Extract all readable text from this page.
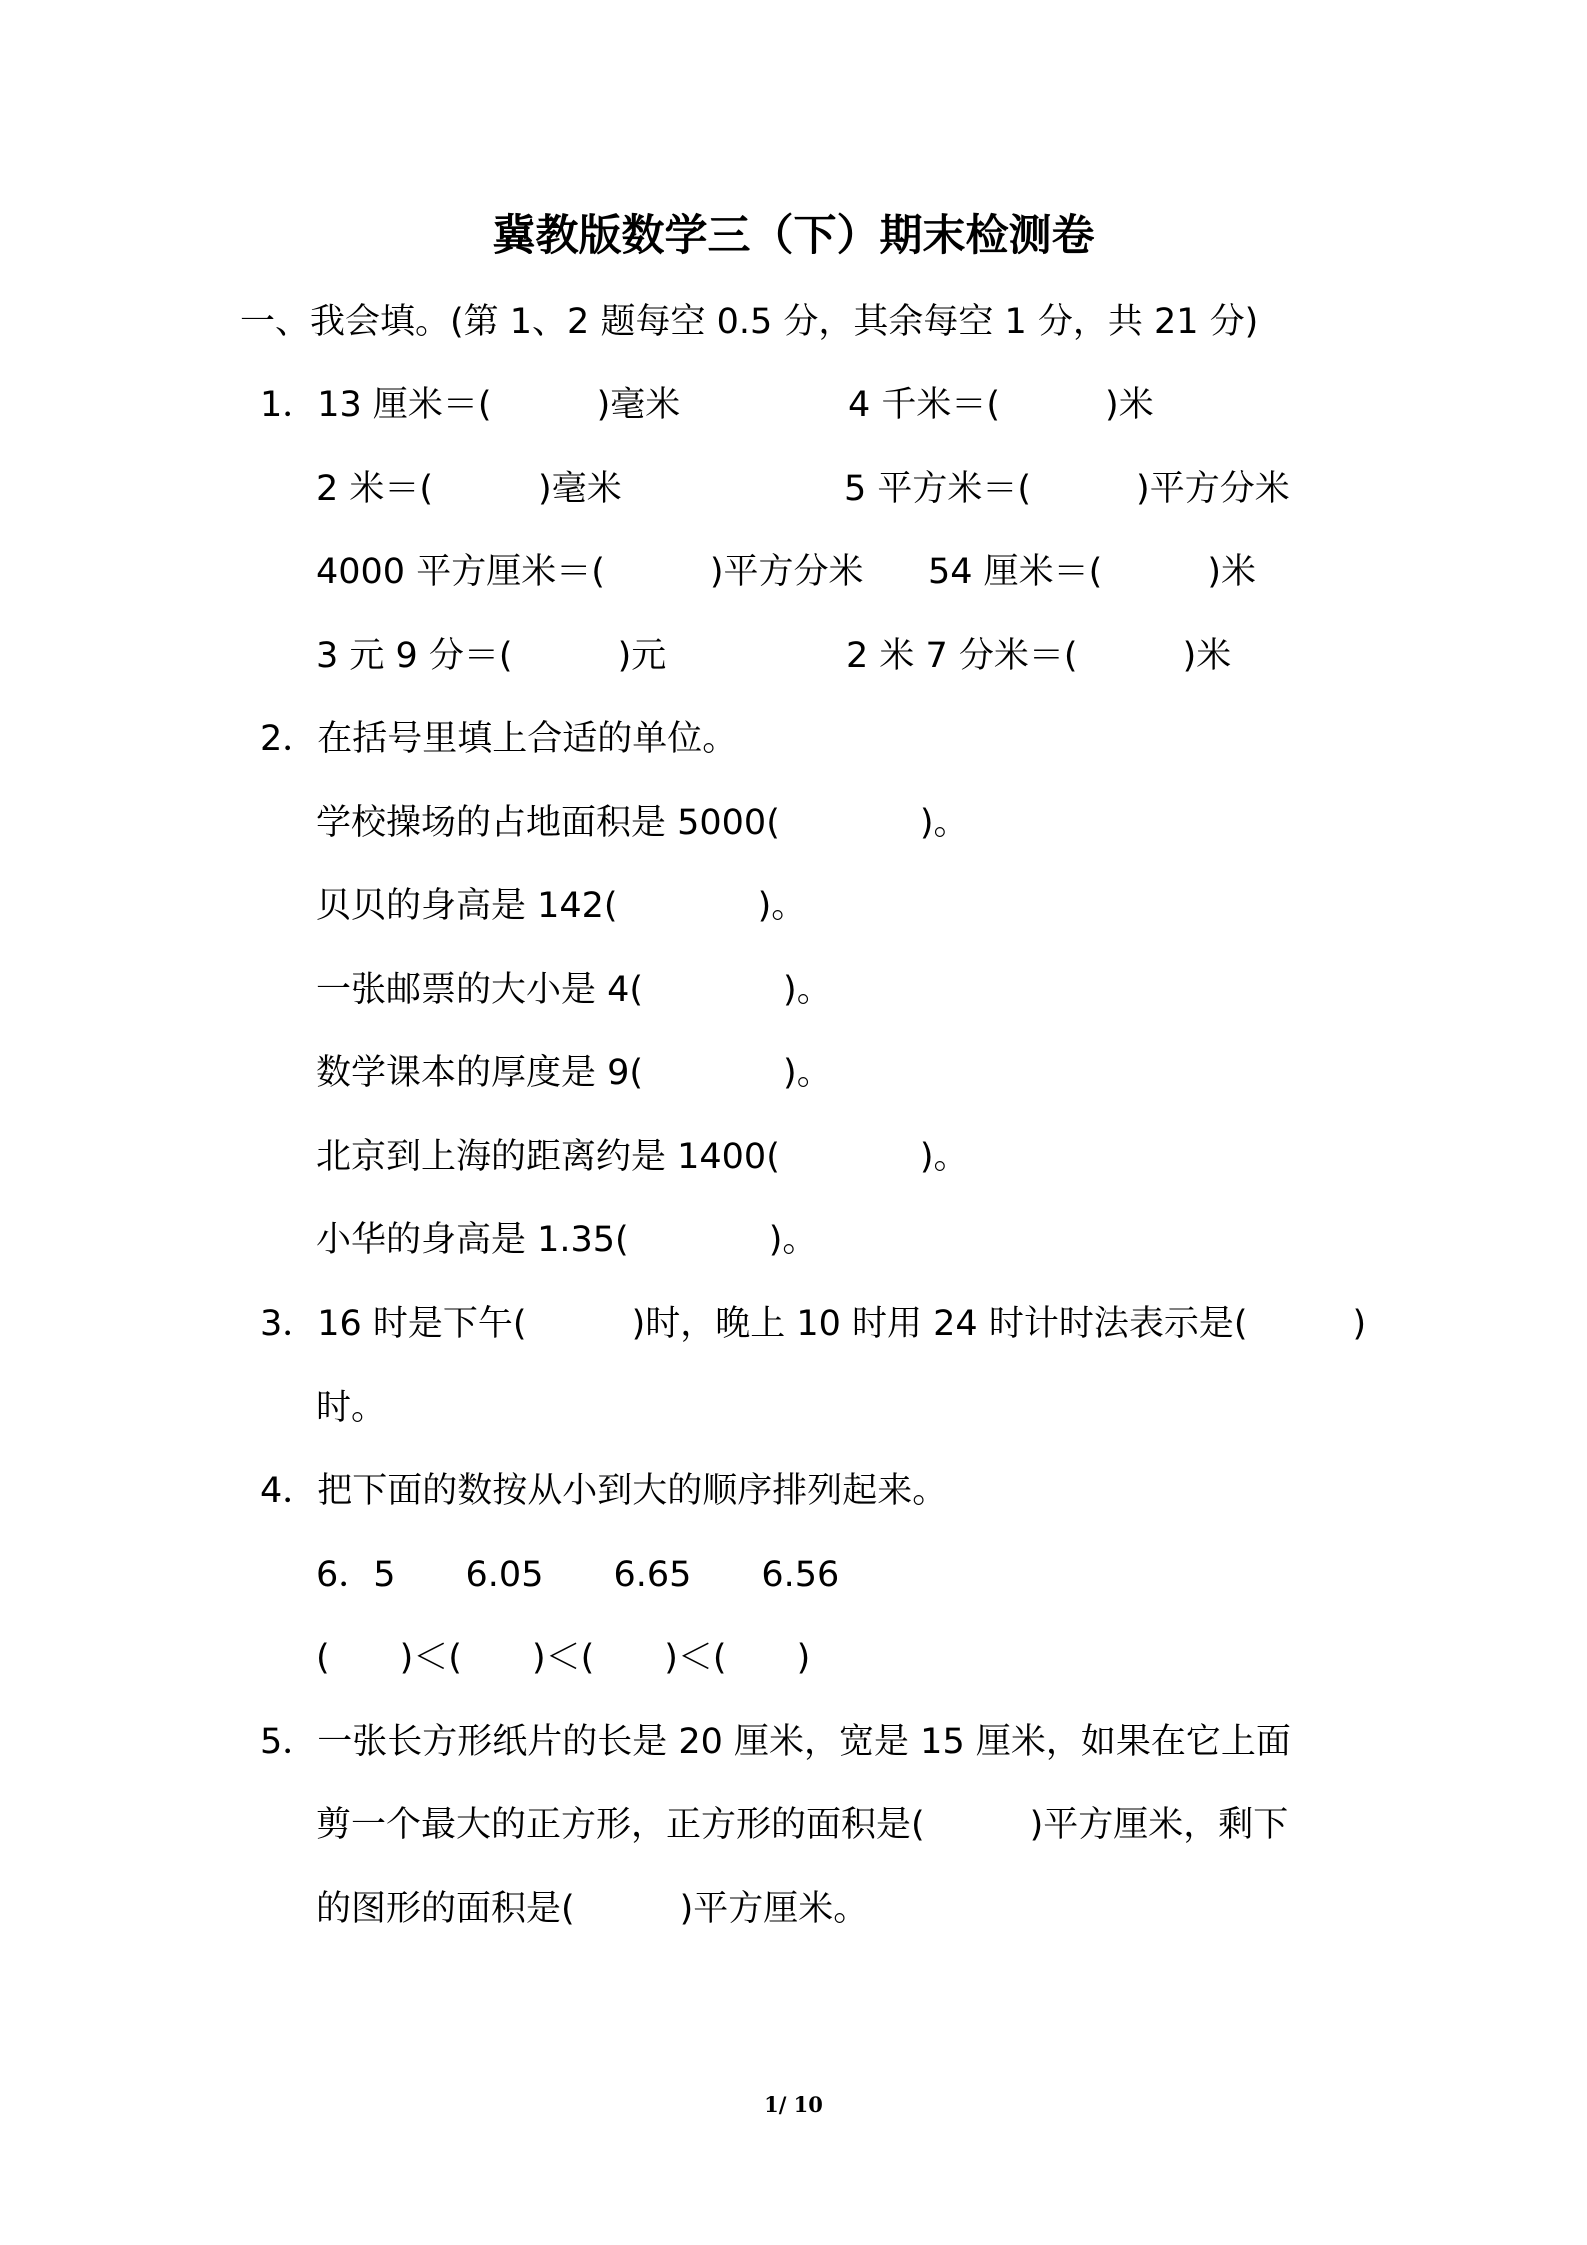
冀教版数学三（下）期末检测卷
一、我会填。(第 1、2 题每空 0.5 分，其余每空 1 分，共 21 分)
1．13 厘米＝(　　　)毫米	4 千米＝(　　　)米
2 米＝(　　　)毫米	5 平方米＝(　　　)平方分米
4000 平方厘米＝(　　　)平方分米 54 厘米＝(　　　)米
3 元 9 分＝(　　　)元	2 米 7 分米＝(　　　)米
2．在括号里填上合适的单位。
学校操场的占地面积是 5000(　　　　)。
贝贝的身高是 142(　　　　)。
一张邮票的大小是 4(　　　　)。
数学课本的厚度是 9(　　　　)。
北京到上海的距离约是 1400(　　　　)。
小华的身高是 1.35(　　　　)。
3．16 时是下午(　　　)时，晚上 10 时用 24 时计时法表示是(　　　)
时。
4．把下面的数按从小到大的顺序排列起来。
6．5　　6.05　　6.65　　6.56
(　　)＜(　　)＜(　　)＜(　　)
5．一张长方形纸片的长是 20 厘米，宽是 15 厘米，如果在它上面
剪一个最大的正方形，正方形的面积是(　　　)平方厘米，剩下
的图形的面积是(　　　)平方厘米。
1/ 10
